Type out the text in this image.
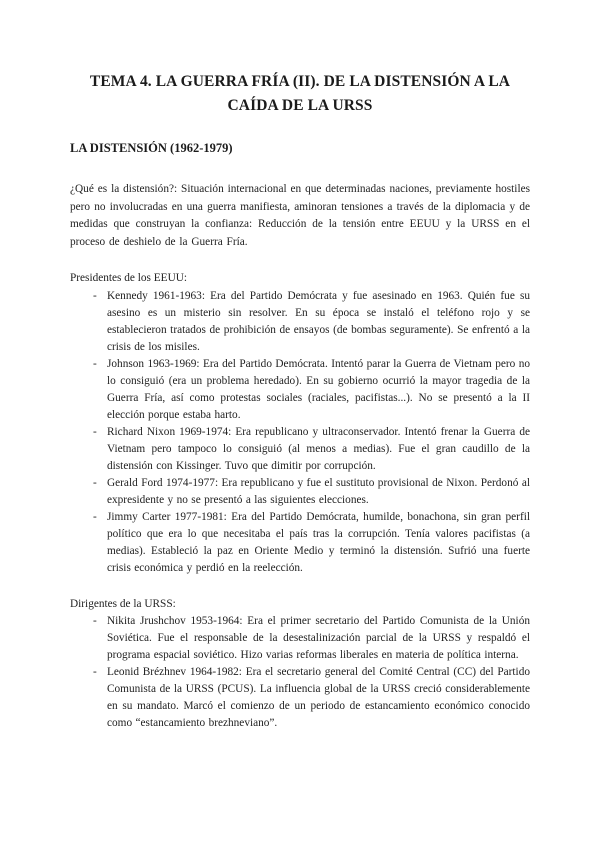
TEMA 4. LA GUERRA FRÍA (II). DE LA DISTENSIÓN A LA CAÍDA DE LA URSS
LA DISTENSIÓN (1962-1979)

¿Qué es la distensión?: Situación internacional en que determinadas naciones, previamente hostiles pero no involucradas en una guerra manifiesta, aminoran tensiones a través de la diplomacia y de medidas que construyan la confianza: Reducción de la tensión entre EEUU y la URSS en el proceso de deshielo de la Guerra Fría.

Presidentes de los EEUU:

- Kennedy 1961-1963: Era del Partido Demócrata y fue asesinado en 1963. Quién fue su asesino es un misterio sin resolver. En su época se instaló el teléfono rojo y se establecieron tratados de prohibición de ensayos (de bombas seguramente). Se enfrentó a la crisis de los misiles.
- Johnson 1963-1969: Era del Partido Demócrata. Intentó parar la Guerra de Vietnam pero no lo consiguió (era un problema heredado). En su gobierno ocurrió la mayor tragedia de la Guerra Fría, así como protestas sociales (raciales, pacifistas...). No se presentó a la II elección porque estaba harto.
- Richard Nixon 1969-1974: Era republicano y ultraconservador. Intentó frenar la Guerra de Vietnam pero tampoco lo consiguió (al menos a medias). Fue el gran caudillo de la distensión con Kissinger. Tuvo que dimitir por corrupción.
- Gerald Ford 1974-1977: Era republicano y fue el sustituto provisional de Nixon. Perdonó al expresidente y no se presentó a las siguientes elecciones.
- Jimmy Carter 1977-1981: Era del Partido Demócrata, humilde, bonachona, sin gran perfil político que era lo que necesitaba el país tras la corrupción. Tenía valores pacifistas (a medias). Estableció la paz en Oriente Medio y terminó la distensión. Sufrió una fuerte crisis económica y perdió en la reelección.

Dirigentes de la URSS:

- Nikita Jrushchov 1953-1964: Era el primer secretario del Partido Comunista de la Unión Soviética. Fue el responsable de la desestalinización parcial de la URSS y respaldó el programa espacial soviético. Hizo varias reformas liberales en materia de política interna.
- Leonid Brézhnev 1964-1982: Era el secretario general del Comité Central (CC) del Partido Comunista de la URSS (PCUS). La influencia global de la URSS creció considerablemente en su mandato. Marcó el comienzo de un periodo de estancamiento económico conocido como “estancamiento brezhneviano”.
